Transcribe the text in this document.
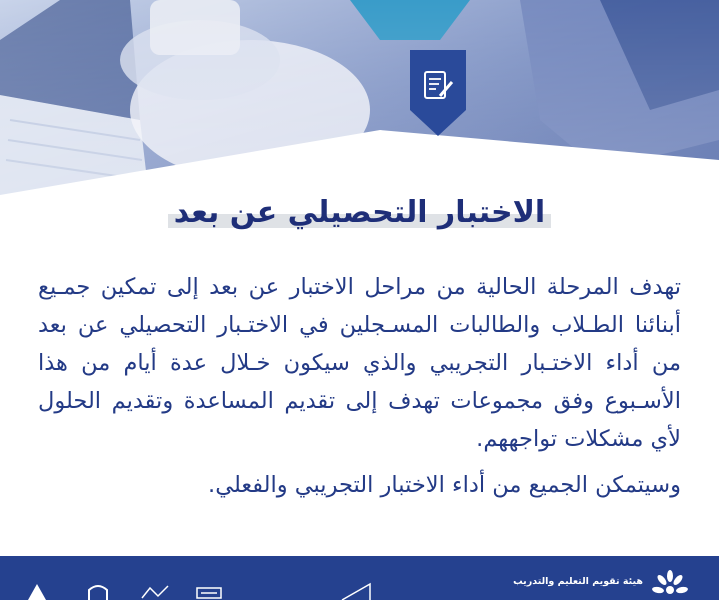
الاختبار التحصيلي عن بعد

تهدف المرحلة الحالية من مراحل الاختبار عن بعد إلى تمكين جمـيع أبنائنا الطـلاب والطالبات المسـجلين في الاختـبار التحصيلي عن بعد من أداء الاختـبار التجريبي والذي سيكون خـلال عدة أيام من هذا الأسـبوع وفق مجموعات تهدف إلى تقديم المساعدة وتقديم الحلول لأي مشكلات تواجههم.

وسيتمكن الجميع من أداء الاختبار التجريبي والفعلي.

هيئة تقويم التعليم والتدريب
